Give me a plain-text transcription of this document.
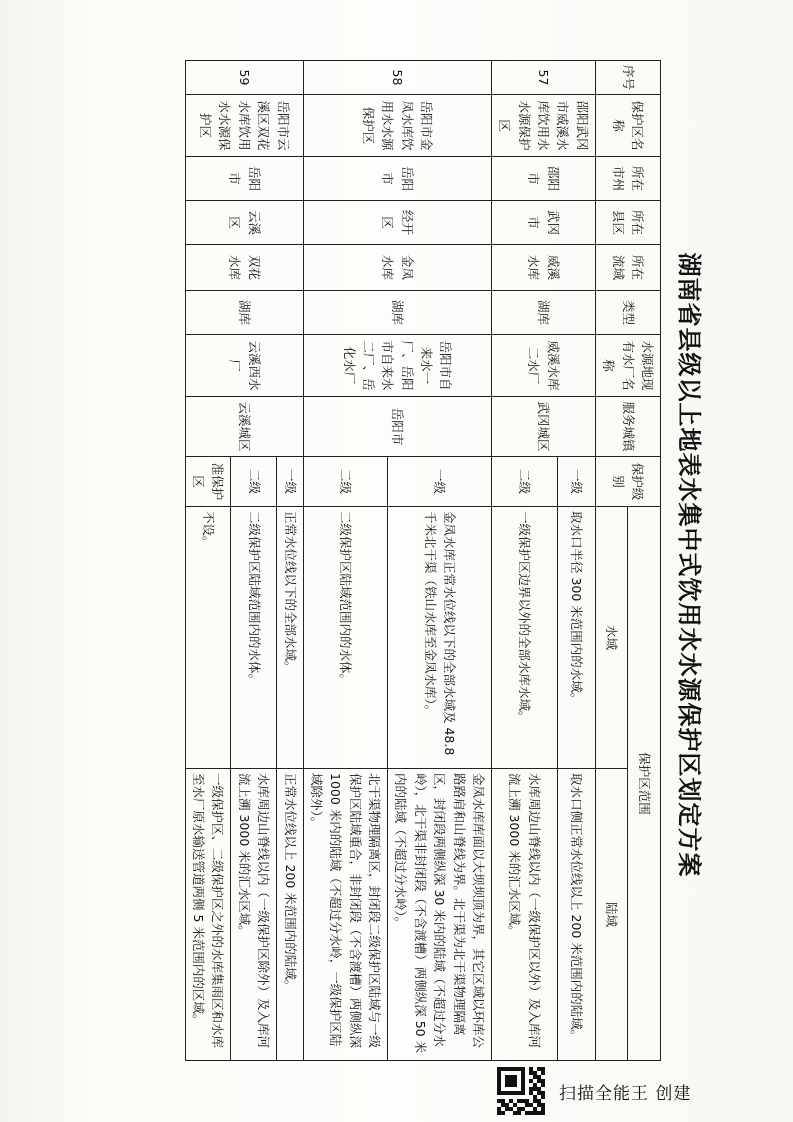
湖南省县级以上地表水集中式饮用水水源保护区划定方案
序号	保护区名称	所在市州	所在县区	所在流域	类型	水源地现有水厂名称	服务城镇	保护级别	保护区范围	
									水域	陆域
57	邵阳武冈市威溪水库饮用水水源保护区	邵阳市	武冈市	威溪水库	湖库	威溪水库二水厂	武冈城区	一级	取水口半径 300 米范围内的水域。	取水口侧正常水位线以上 200 米范围内的陆域。
								二级	一级保护区边界以外的全部水库水域。	水库周边山脊线以内（一级保护区以外）及入库河流上溯 3000 米的汇水区域。
58	岳阳市金凤水库饮用水水源保护区	岳阳市	经开区	金凤水库	湖库	岳阳市自来水一厂、岳阳市自来水二厂、岳化水厂	岳阳市	一级	金凤水库正常水位线以下的全部水域及 48.8 千米北干渠（铁山水库至金凤水库）。	金凤水库库面以大坝坝顶为界，其它区域以环库公路路肩和山脊线为界。北干渠为北干渠物理隔离区，封闭段两侧纵深 30 米内的陆域（不超过分水岭），北干渠非封闭段（不含渡槽）两侧纵深 50 米内的陆域（不超过分水岭）。
								二级	二级保护区陆域范围内的水体。	北干渠物理隔离区，封闭段二级保护区陆域与一级保护区陆域重合，非封闭段（不含渡槽）两侧纵深 1000 米内的陆域（不超过分水岭，一级保护区陆域除外）。
59	岳阳市云溪区双花水库饮用水水源保护区	岳阳市	云溪区	双花水库	湖库	云溪西水厂	云溪城区	一级	正常水位线以下的全部水域。	正常水位线以上 200 米范围内的陆域。
								二级	二级保护区陆域范围内的水体。	水库周边山脊线以内（一级保护区除外）及入库河流上溯 3000 米的汇水区域。
								准保护区	不设。	一级保护区、二级保护区之外的水库集雨区和水库至水厂原水输送管道两侧 5 米范围内的区域。
扫描全能王 创建
